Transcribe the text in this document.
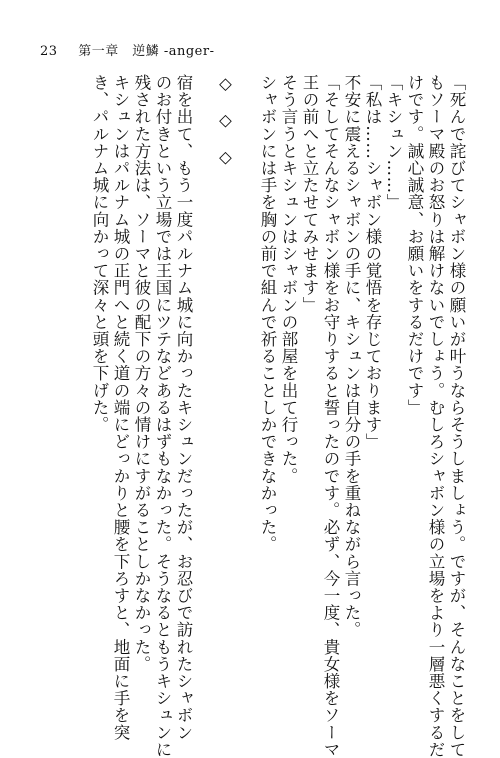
23 第一章　逆鱗 -anger-

「死んで詫びてシャボン様の願いが叶うならそうしましょう。ですが、そんなことをして

もソーマ殿のお怒りは解けないでしょう。むしろシャボン様の立場をより一層悪くするだ

けです。誠心誠意、お願いをするだけです」

「キシュン……」

「私は……シャボン様の覚悟を存じております」

不安に震えるシャボンの手に、キシュンは自分の手を重ねながら言った。

「そしてそんなシャボン様をお守りすると誓ったのです。必ず、今一度、貴女様をソーマ

王の前へと立たせてみせます」

そう言うとキシュンはシャボンの部屋を出て行った。

シャボンには手を胸の前で組んで祈ることしかできなかった。

◇　◇　◇

宿を出て、もう一度パルナム城に向かったキシュンだったが、お忍びで訪れたシャボン

のお付きという立場では王国にツテなどあるはずもなかった。そうなるともうキシュンに

残された方法は、ソーマと彼の配下の方々の情けにすがることしかなかった。

キシュンはパルナム城の正門へと続く道の端にどっかりと腰を下ろすと、地面に手を突

き、パルナム城に向かって深々と頭を下げた。
